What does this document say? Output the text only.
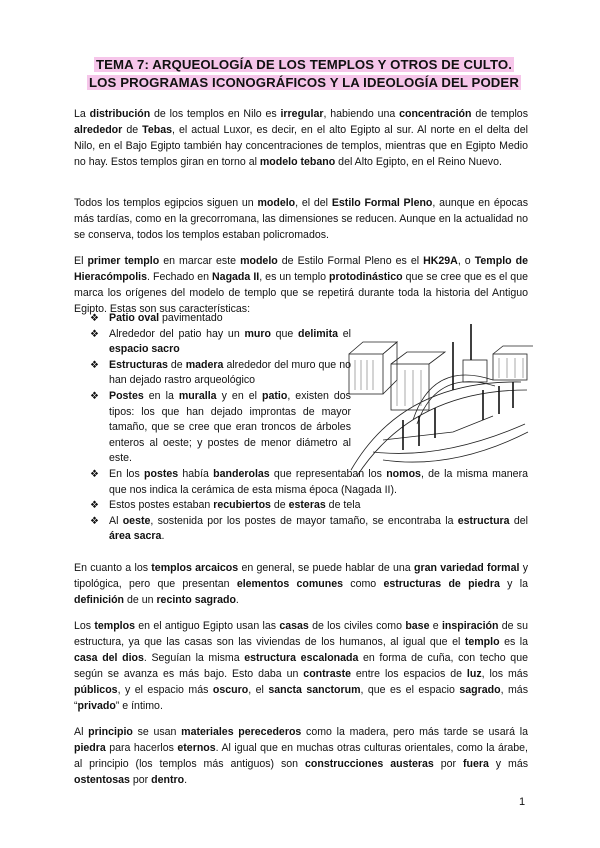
TEMA 7: ARQUEOLOGÍA DE LOS TEMPLOS Y OTROS DE CULTO.
LOS PROGRAMAS ICONOGRÁFICOS Y LA IDEOLOGÍA DEL PODER

La distribución de los templos en Nilo es irregular, habiendo una concentración de templos alrededor de Tebas, el actual Luxor, es decir, en el alto Egipto al sur. Al norte en el delta del Nilo, en el Bajo Egipto también hay concentraciones de templos, mientras que en Egipto Medio no hay. Estos templos giran en torno al modelo tebano del Alto Egipto, en el Reino Nuevo.

Todos los templos egipcios siguen un modelo, el del Estilo Formal Pleno, aunque en épocas más tardías, como en la grecorromana, las dimensiones se reducen. Aunque en la actualidad no se conserva, todos los templos estaban policromados.

El primer templo en marcar este modelo de Estilo Formal Pleno es el HK29A, o Templo de Hieracómpolis. Fechado en Nagada II, es un templo protodinástico que se cree que es el que marca los orígenes del modelo de templo que se repetirá durante toda la historia del Antiguo Egipto. Estas son sus características:

❖ Patio oval pavimentado
❖ Alrededor del patio hay un muro que delimita el espacio sacro
❖ Estructuras de madera alrededor del muro que no han dejado rastro arqueológico
❖ Postes en la muralla y en el patio, existen dos tipos: los que han dejado improntas de mayor tamaño, que se cree que eran troncos de árboles enteros al oeste; y postes de menor diámetro al este.
❖ En los postes había banderolas que representaban los nomos, de la misma manera que nos indica la cerámica de esta misma época (Nagada II).
❖ Estos postes estaban recubiertos de esteras de tela
❖ Al oeste, sostenida por los postes de mayor tamaño, se encontraba la estructura del área sacra.

En cuanto a los templos arcaicos en general, se puede hablar de una gran variedad formal y tipológica, pero que presentan elementos comunes como estructuras de piedra y la definición de un recinto sagrado.

Los templos en el antiguo Egipto usan las casas de los civiles como base e inspiración de su estructura, ya que las casas son las viviendas de los humanos, al igual que el templo es la casa del dios. Seguían la misma estructura escalonada en forma de cuña, con techo que según se avanza es más bajo. Esto daba un contraste entre los espacios de luz, los más públicos, y el espacio más oscuro, el sancta sanctorum, que es el espacio sagrado, más “privado” e íntimo.

Al principio se usan materiales perecederos como la madera, pero más tarde se usará la piedra para hacerlos eternos. Al igual que en muchas otras culturas orientales, como la árabe, al principio (los templos más antiguos) son construcciones austeras por fuera y más ostentosas por dentro.

1
